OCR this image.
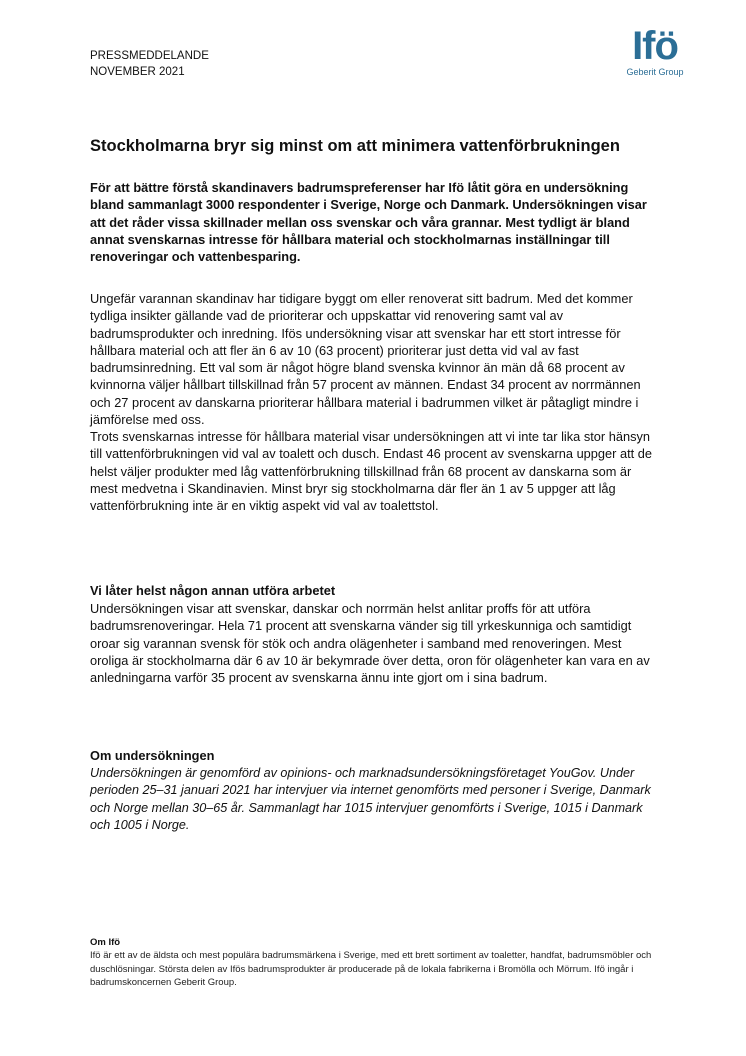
PRESSMEDDELANDE
NOVEMBER 2021
Ifö
Geberit Group
Stockholmarna bryr sig minst om att minimera vattenförbrukningen

För att bättre förstå skandinavers badrumspreferenser har Ifö låtit göra en undersökning bland sammanlagt 3000 respondenter i Sverige, Norge och Danmark. Undersökningen visar att det råder vissa skillnader mellan oss svenskar och våra grannar. Mest tydligt är bland annat svenskarnas intresse för hållbara material och stockholmarnas inställningar till renoveringar och vattenbesparing.

Ungefär varannan skandinav har tidigare byggt om eller renoverat sitt badrum. Med det kommer tydliga insikter gällande vad de prioriterar och uppskattar vid renovering samt val av badrumsprodukter och inredning. Ifös undersökning visar att svenskar har ett stort intresse för hållbara material och att fler än 6 av 10 (63 procent) prioriterar just detta vid val av fast badrumsinredning. Ett val som är något högre bland svenska kvinnor än män då 68 procent av kvinnorna väljer hållbart tillskillnad från 57 procent av männen. Endast 34 procent av norrmännen och 27 procent av danskarna prioriterar hållbara material i badrummen vilket är påtagligt mindre i jämförelse med oss.

Trots svenskarnas intresse för hållbara material visar undersökningen att vi inte tar lika stor hänsyn till vattenförbrukningen vid val av toalett och dusch. Endast 46 procent av svenskarna uppger att de helst väljer produkter med låg vattenförbrukning tillskillnad från 68 procent av danskarna som är mest medvetna i Skandinavien. Minst bryr sig stockholmarna där fler än 1 av 5 uppger att låg vattenförbrukning inte är en viktig aspekt vid val av toalettstol.

Vi låter helst någon annan utföra arbetet

Undersökningen visar att svenskar, danskar och norrmän helst anlitar proffs för att utföra badrumsrenoveringar. Hela 71 procent att svenskarna vänder sig till yrkeskunniga och samtidigt oroar sig varannan svensk för stök och andra olägenheter i samband med renoveringen. Mest oroliga är stockholmarna där 6 av 10 är bekymrade över detta, oron för olägenheter kan vara en av anledningarna varför 35 procent av svenskarna ännu inte gjort om i sina badrum.

Om undersökningen

Undersökningen är genomförd av opinions- och marknadsundersökningsföretaget YouGov. Under perioden 25–31 januari 2021 har intervjuer via internet genomförts med personer i Sverige, Danmark och Norge mellan 30–65 år. Sammanlagt har 1015 intervjuer genomförts i Sverige, 1015 i Danmark och 1005 i Norge.

Om Ifö

Ifö är ett av de äldsta och mest populära badrumsmärkena i Sverige, med ett brett sortiment av toaletter, handfat, badrumsmöbler och duschlösningar. Största delen av Ifös badrumsprodukter är producerade på de lokala fabrikerna i Bromölla och Mörrum. Ifö ingår i badrumskoncernen Geberit Group.
